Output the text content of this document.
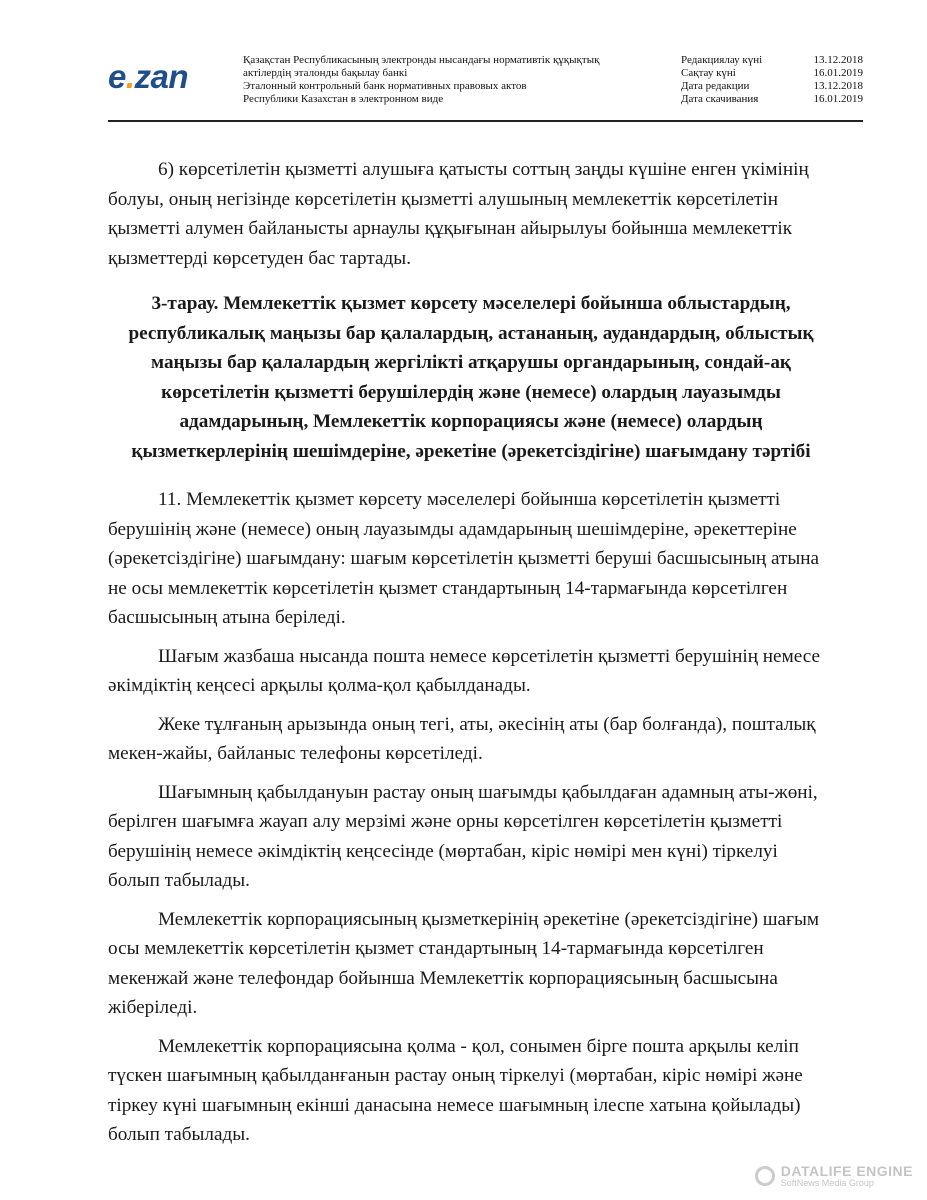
e.zan	Қазақстан Республикасының электронды нысандағы нормативтік құқықтық
актілердің эталонды бақылау банкі
Эталонный контрольный банк нормативных правовых актов
Республики Казахстан в электронном виде
Редакциялау күні	13.12.2018
Сақтау күні	16.01.2019
Дата редакции	13.12.2018
Дата скачивания	16.01.2019

6) көрсетілетін қызметті алушыға қатысты соттың заңды күшіне енген үкімінің болуы, оның негізінде көрсетілетін қызметті алушының мемлекеттік көрсетілетін қызметті алумен байланысты арнаулы құқығынан айырылуы бойынша мемлекеттік қызметтерді көрсетуден бас тартады.

3-тарау. Мемлекеттік қызмет көрсету мәселелері бойынша облыстардың, республикалық маңызы бар қалалардың, астананың, аудандардың, облыстық маңызы бар қалалардың жергілікті атқарушы органдарының, сондай-ақ көрсетілетін қызметті берушілердің және (немесе) олардың лауазымды адамдарының, Мемлекеттік корпорациясы және (немесе) олардың қызметкерлерінің шешімдеріне, әрекетіне (әрекетсіздігіне) шағымдану тәртібі

11. Мемлекеттік қызмет көрсету мәселелері бойынша көрсетілетін қызметті берушінің және (немесе) оның лауазымды адамдарының шешімдеріне, әрекеттеріне (әрекетсіздігіне) шағымдану: шағым көрсетілетін қызметті беруші басшысының атына не осы мемлекеттік көрсетілетін қызмет стандартының 14-тармағында көрсетілген басшысының атына беріледі.

Шағым жазбаша нысанда пошта немесе көрсетілетін қызметті берушінің немесе әкімдіктің кеңсесі арқылы қолма-қол қабылданады.

Жеке тұлғаның арызында оның тегі, аты, әкесінің аты (бар болғанда), пошталық мекен-жайы, байланыс телефоны көрсетіледі.

Шағымның қабылдануын растау оның шағымды қабылдаған адамның аты-жөні, берілген шағымға жауап алу мерзімі және орны көрсетілген көрсетілетін қызметті берушінің немесе әкімдіктің кеңсесінде (мөртабан, кіріс нөмірі мен күні) тіркелуі болып табылады.

Мемлекеттік корпорациясының қызметкерінің әрекетіне (әрекетсіздігіне) шағым осы мемлекеттік көрсетілетін қызмет стандартының 14-тармағында көрсетілген мекенжай және телефондар бойынша Мемлекеттік корпорациясының басшысына жіберіледі.

Мемлекеттік корпорациясына қолма - қол, сонымен бірге пошта арқылы келіп түскен шағымның қабылданғанын растау оның тіркелуі (мөртабан, кіріс нөмірі және тіркеу күні шағымның екінші данасына немесе шағымның ілеспе хатына қойылады) болып табылады.

DATALIFE ENGINE
SoftNews Media Group
